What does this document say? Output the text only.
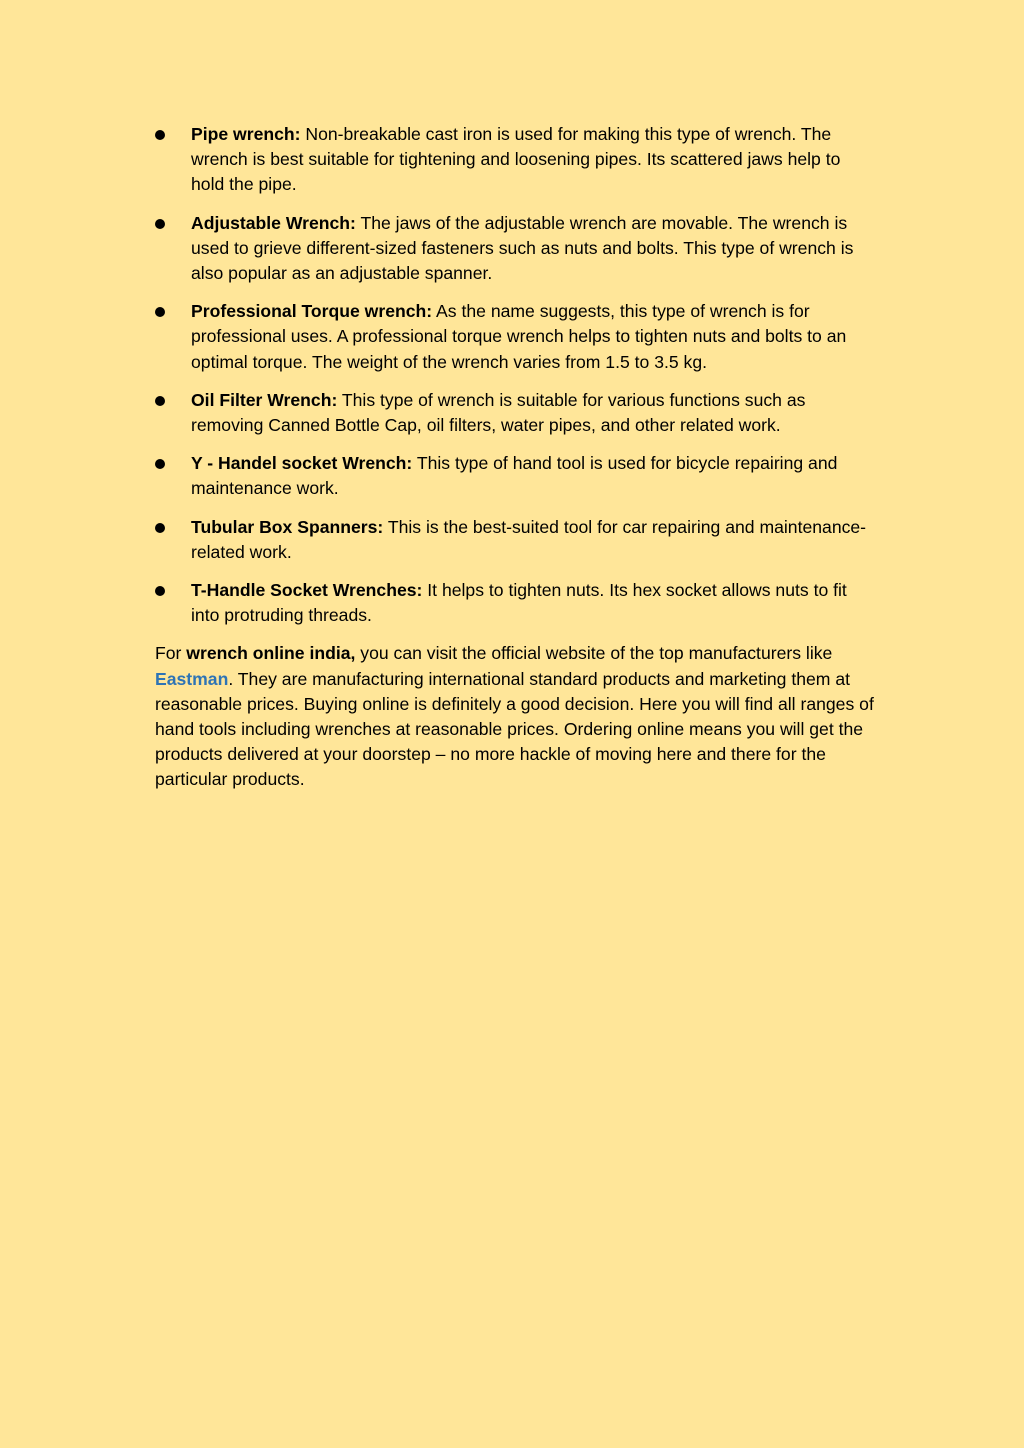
Pipe wrench: Non-breakable cast iron is used for making this type of wrench. The wrench is best suitable for tightening and loosening pipes. Its scattered jaws help to hold the pipe.
Adjustable Wrench: The jaws of the adjustable wrench are movable. The wrench is used to grieve different-sized fasteners such as nuts and bolts. This type of wrench is also popular as an adjustable spanner.
Professional Torque wrench: As the name suggests, this type of wrench is for professional uses. A professional torque wrench helps to tighten nuts and bolts to an optimal torque. The weight of the wrench varies from 1.5 to 3.5 kg.
Oil Filter Wrench: This type of wrench is suitable for various functions such as removing Canned Bottle Cap, oil filters, water pipes, and other related work.
Y - Handel socket Wrench: This type of hand tool is used for bicycle repairing and maintenance work.
Tubular Box Spanners: This is the best-suited tool for car repairing and maintenance-related work.
T-Handle Socket Wrenches: It helps to tighten nuts. Its hex socket allows nuts to fit into protruding threads.

For wrench online india, you can visit the official website of the top manufacturers like Eastman. They are manufacturing international standard products and marketing them at reasonable prices. Buying online is definitely a good decision. Here you will find all ranges of hand tools including wrenches at reasonable prices. Ordering online means you will get the products delivered at your doorstep – no more hackle of moving here and there for the particular products.
